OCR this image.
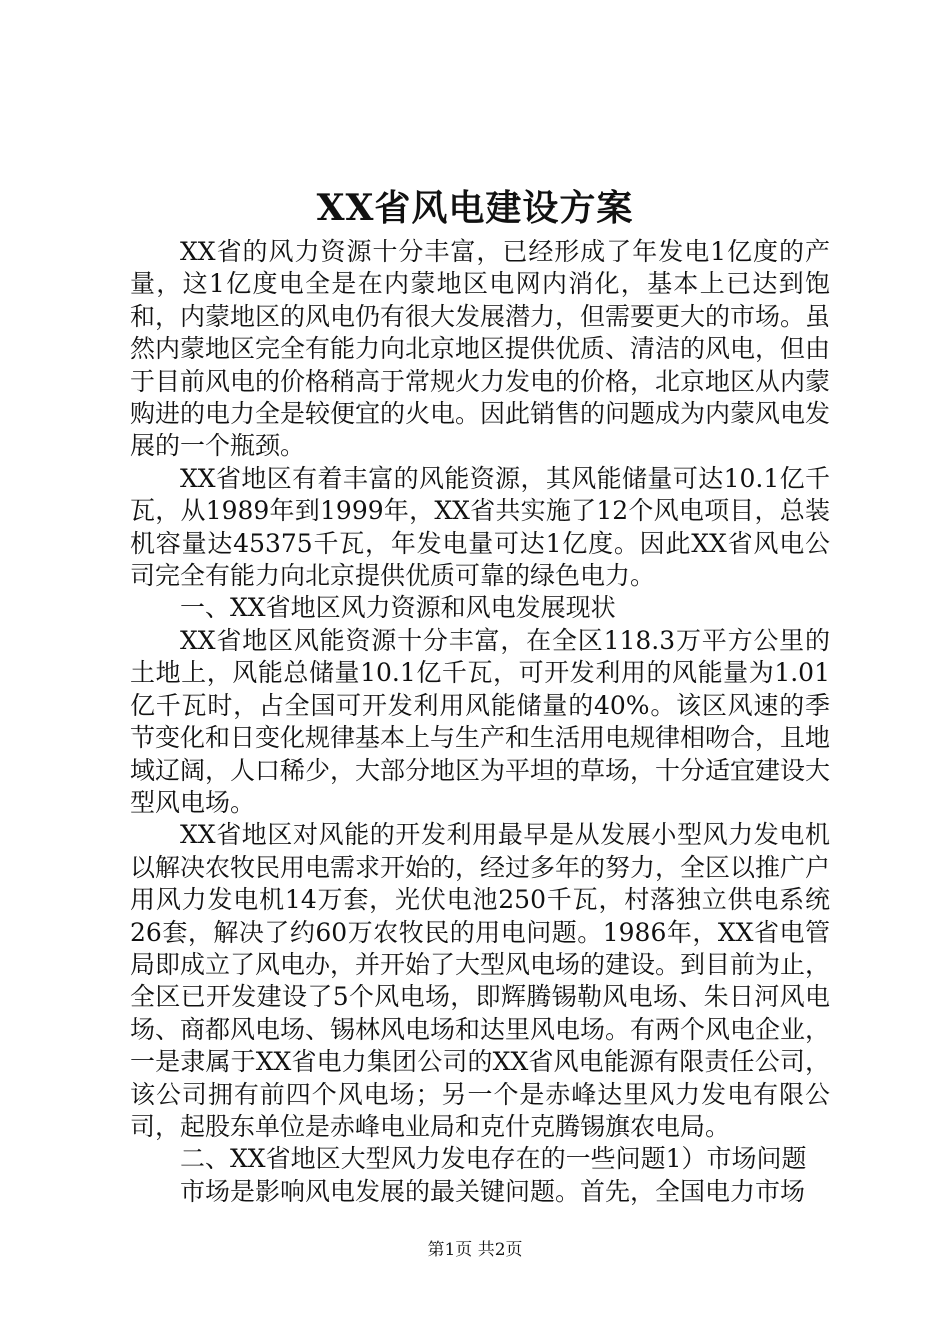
XX省风电建设方案

XX省的风力资源十分丰富，已经形成了年发电1亿度的产量，这1亿度电全是在内蒙地区电网内消化，基本上已达到饱和，内蒙地区的风电仍有很大发展潜力，但需要更大的市场。虽然内蒙地区完全有能力向北京地区提供优质、清洁的风电，但由于目前风电的价格稍高于常规火力发电的价格，北京地区从内蒙购进的电力全是较便宜的火电。因此销售的问题成为内蒙风电发展的一个瓶颈。

XX省地区有着丰富的风能资源，其风能储量可达10.1亿千瓦，从1989年到1999年，XX省共实施了12个风电项目，总装机容量达45375千瓦，年发电量可达1亿度。因此XX省风电公司完全有能力向北京提供优质可靠的绿色电力。

一、XX省地区风力资源和风电发展现状

XX省地区风能资源十分丰富，在全区118.3万平方公里的土地上，风能总储量10.1亿千瓦，可开发利用的风能量为1.01亿千瓦时，占全国可开发利用风能储量的40%。该区风速的季节变化和日变化规律基本上与生产和生活用电规律相吻合，且地域辽阔，人口稀少，大部分地区为平坦的草场，十分适宜建设大型风电场。

XX省地区对风能的开发利用最早是从发展小型风力发电机以解决农牧民用电需求开始的，经过多年的努力，全区以推广户用风力发电机14万套，光伏电池250千瓦，村落独立供电系统26套，解决了约60万农牧民的用电问题。1986年，XX省电管局即成立了风电办，并开始了大型风电场的建设。到目前为止，全区已开发建设了5个风电场，即辉腾锡勒风电场、朱日河风电场、商都风电场、锡林风电场和达里风电场。有两个风电企业，一是隶属于XX省电力集团公司的XX省风电能源有限责任公司，该公司拥有前四个风电场；另一个是赤峰达里风力发电有限公司，起股东单位是赤峰电业局和克什克腾锡旗农电局。

二、XX省地区大型风力发电存在的一些问题1）市场问题

市场是影响风电发展的最关键问题。首先，全国电力市场

第1页 共2页
